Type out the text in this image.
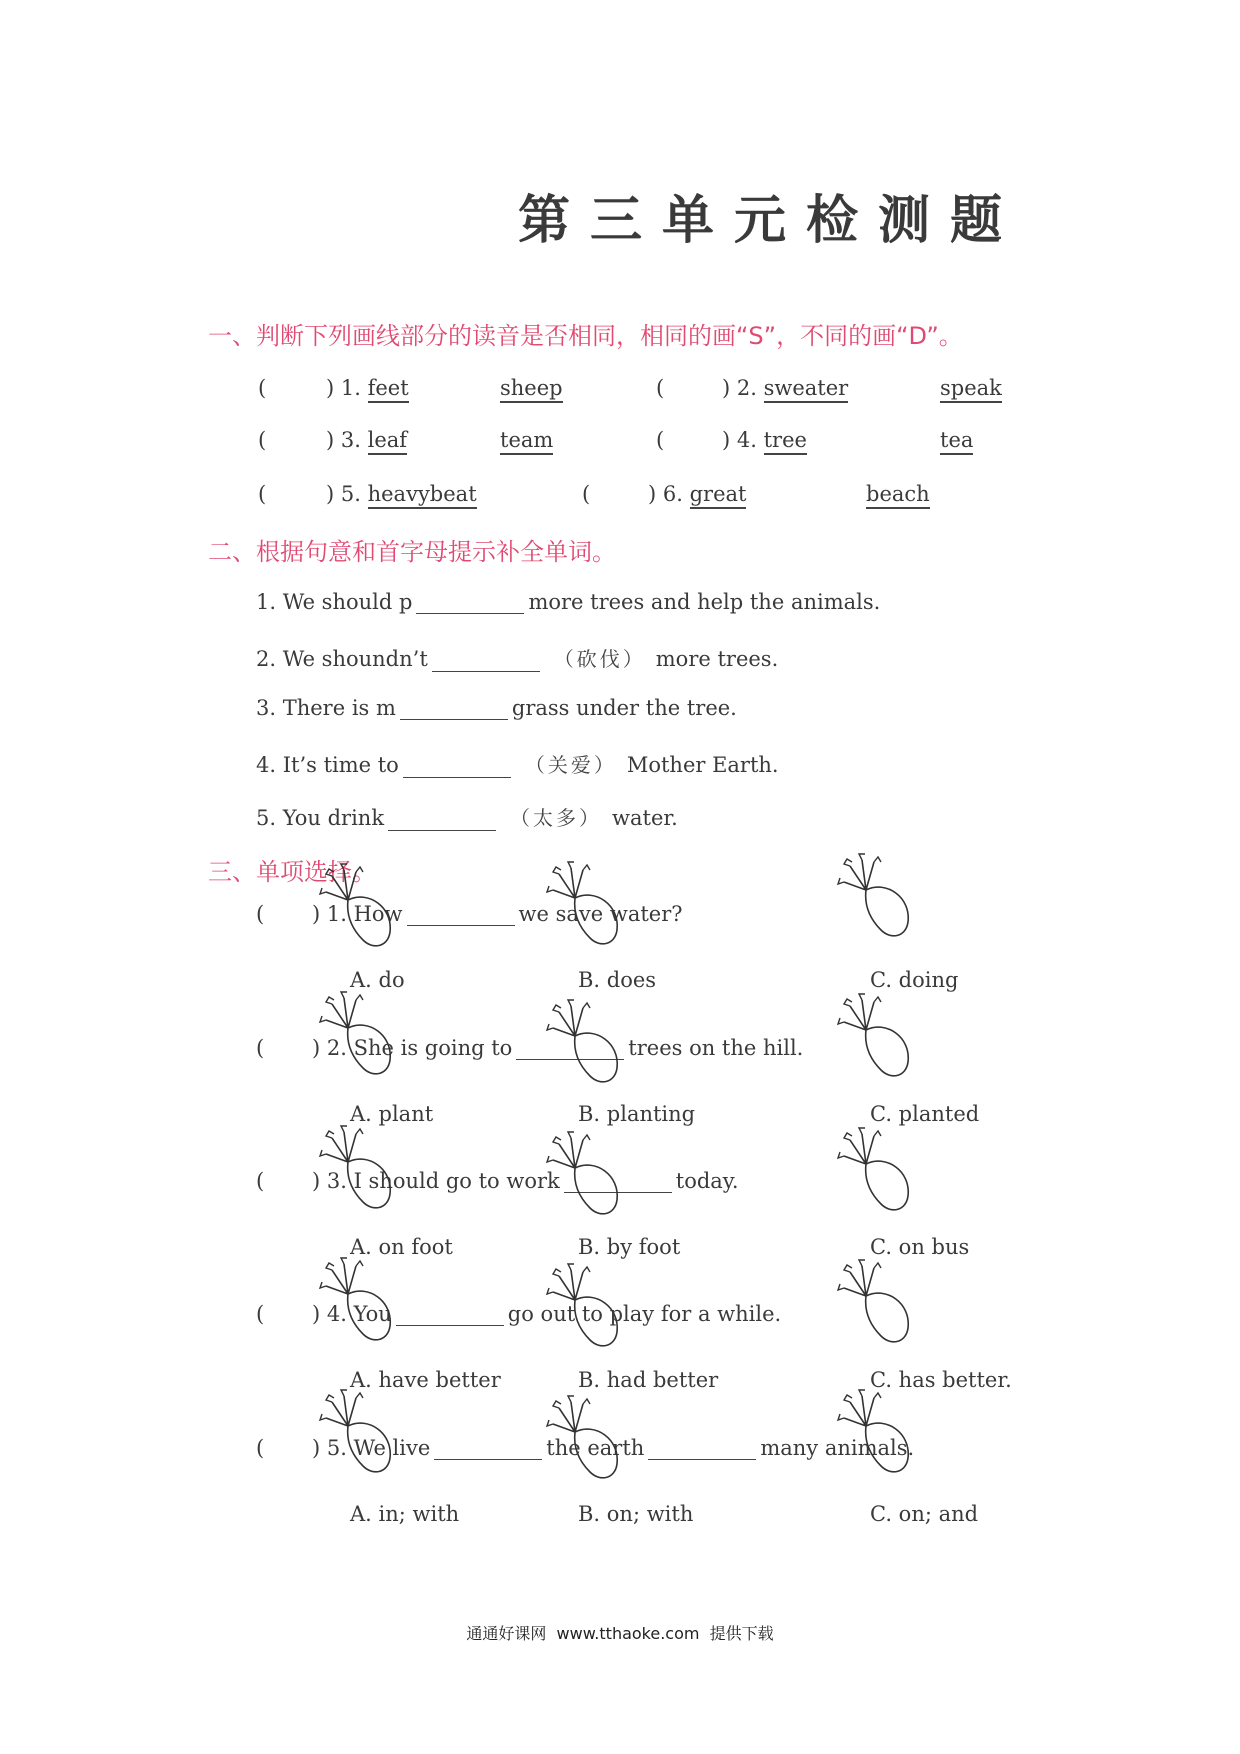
第三单元检测题
一、判断下列画线部分的读音是否相同，相同的画“S”，不同的画“D”。
(	) 1. feet	sheep	(	) 2. sweater	speak
(	) 3. leaf	team	(	) 4. tree	tea
(	) 5. heavybeat	(	) 6. great	beach
二、根据句意和首字母提示补全单词。
1. We should p	more trees and help the animals.
2. We shoundn’t	（砍伐） more trees.
3. There is m	grass under the tree.
4. It’s time to	（关爱） Mother Earth.
5. You drink	（太多） water.
三、单项选择。
( ) 1. How	we save water?
A. do	B. does	C. doing
( ) 2. She is going to	trees on the hill.
A. plant	B. planting	C. planted
( ) 3. I should go to work	today.
A. on foot	B. by foot	C. on bus
( ) 4. You	go out to play for a while.
A. have better	B. had better	C. has better.
( ) 5. We live	the earth	many animals.
A. in; with	B. on; with	C. on; and
通通好课网  www.tthaoke.com  提供下载
